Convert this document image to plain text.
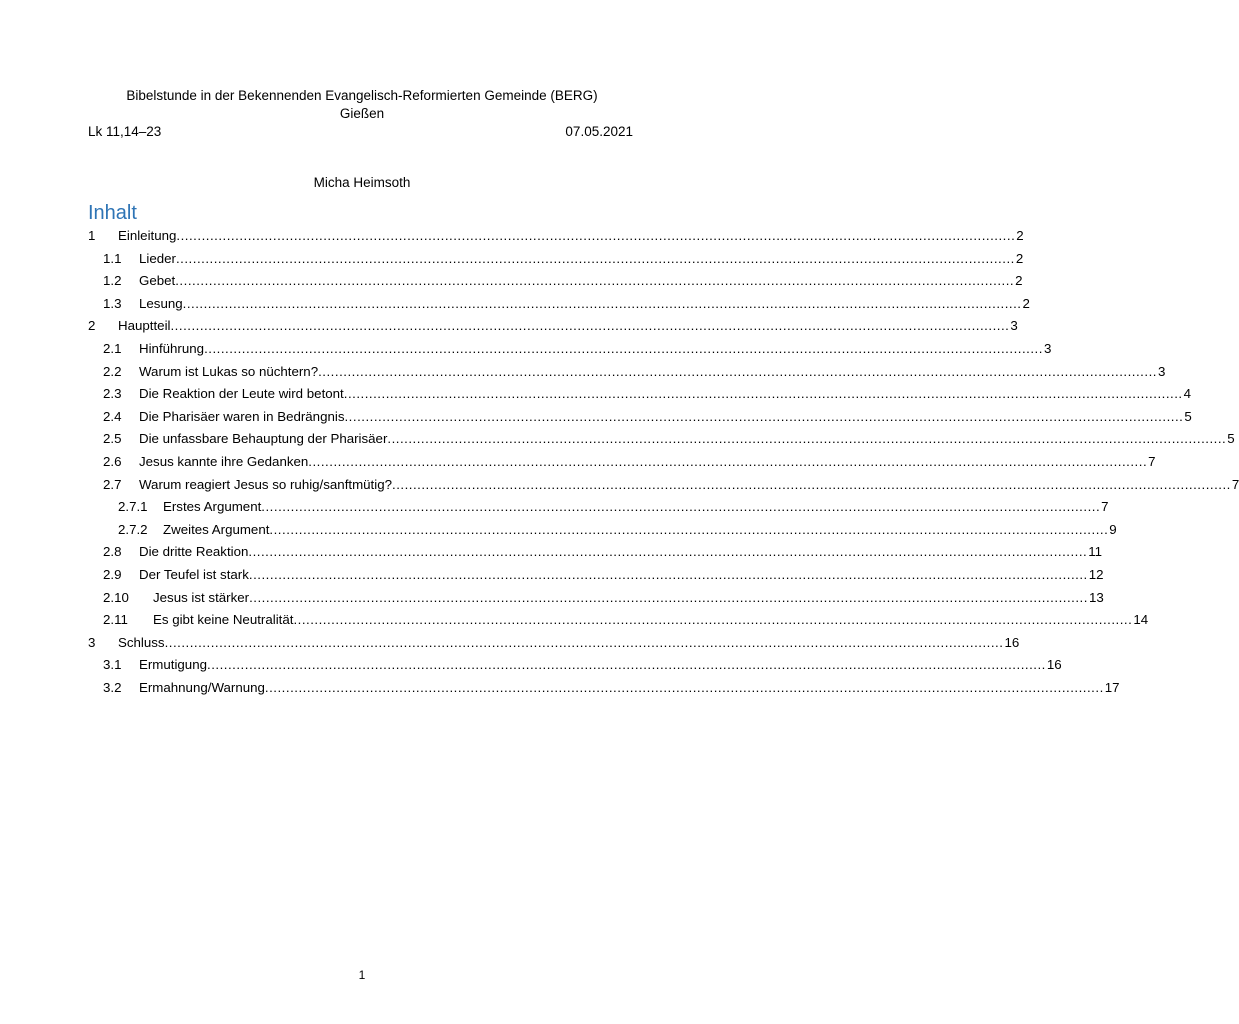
Bibelstunde in der Bekennenden Evangelisch-Reformierten Gemeinde (BERG)
Gießen
Lk 11,14–23	07.05.2021
Micha Heimsoth
Inhalt
1 Einleitung ........................................................................................................................................................................................................ 2
1.1 Lieder ........................................................................................................................................................................................................ 2
1.2 Gebet ........................................................................................................................................................................................................ 2
1.3 Lesung ........................................................................................................................................................................................................ 2
2 Hauptteil ........................................................................................................................................................................................................ 3
2.1 Hinführung ........................................................................................................................................................................................................ 3
2.2 Warum ist Lukas so nüchtern? ........................................................................................................................................................................................................ 3
2.3 Die Reaktion der Leute wird betont ........................................................................................................................................................................................................ 4
2.4 Die Pharisäer waren in Bedrängnis ........................................................................................................................................................................................................ 5
2.5 Die unfassbare Behauptung der Pharisäer ........................................................................................................................................................................................................ 5
2.6 Jesus kannte ihre Gedanken ........................................................................................................................................................................................................ 7
2.7 Warum reagiert Jesus so ruhig/sanftmütig? ........................................................................................................................................................................................................ 7
2.7.1 Erstes Argument ........................................................................................................................................................................................................ 7
2.7.2 Zweites Argument ........................................................................................................................................................................................................ 9
2.8 Die dritte Reaktion ........................................................................................................................................................................................................ 11
2.9 Der Teufel ist stark ........................................................................................................................................................................................................ 12
2.10 Jesus ist stärker ........................................................................................................................................................................................................ 13
2.11 Es gibt keine Neutralität ........................................................................................................................................................................................................ 14
3 Schluss ........................................................................................................................................................................................................ 16
3.1 Ermutigung ........................................................................................................................................................................................................ 16
3.2 Ermahnung/Warnung ........................................................................................................................................................................................................ 17
1
